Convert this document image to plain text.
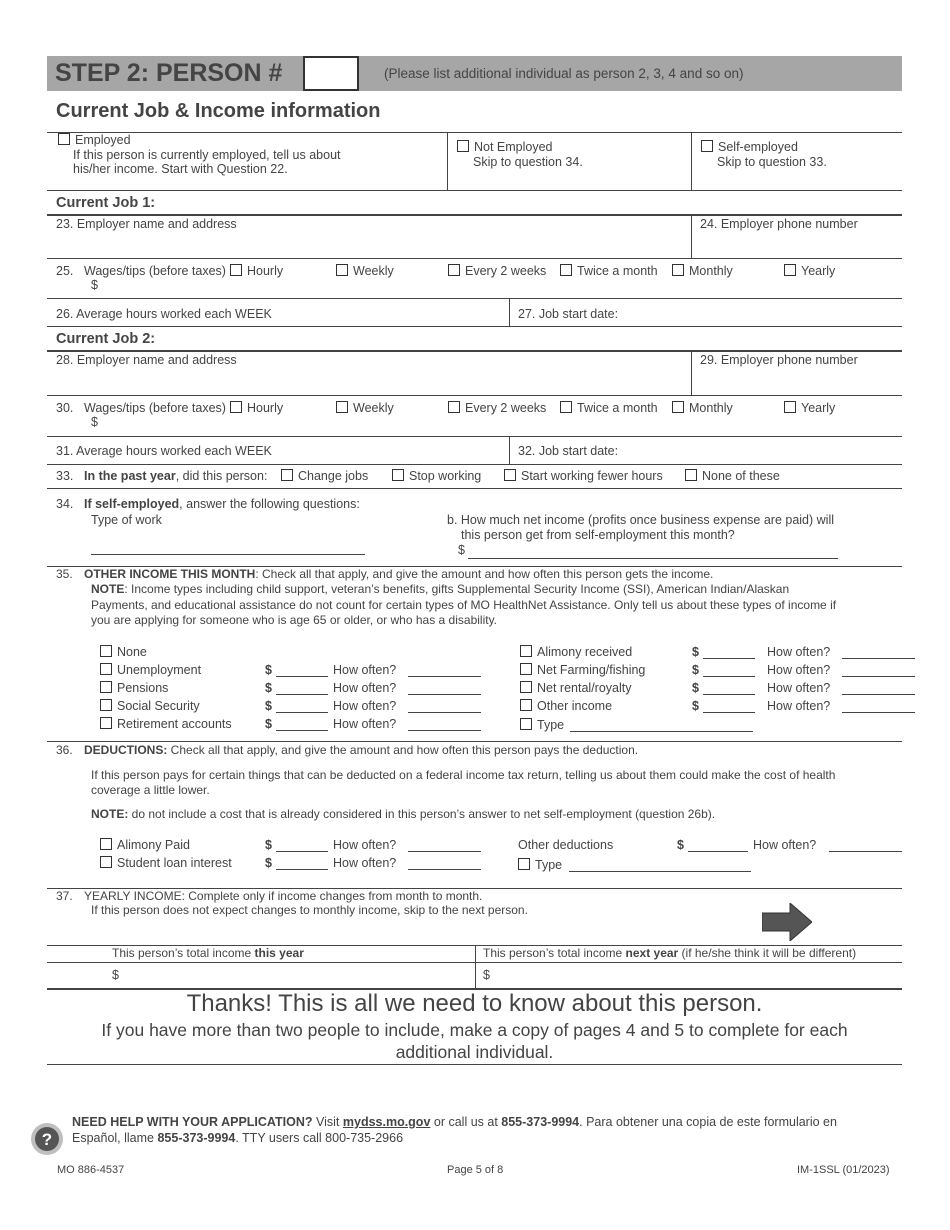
STEP 2: PERSON #	(Please list additional individual as person 2, 3, 4 and so on)
Current Job & Income information
Employed
If this person is currently employed, tell us about
his/her income. Start with Question 22.
Not Employed
Skip to question 34.
Self-employed
Skip to question 33.
Current Job 1:
23. Employer name and address	24. Employer phone number
25. Wages/tips (before taxes)
$
Hourly	Weekly	Every 2 weeks	Twice a month	Monthly	Yearly
26. Average hours worked each WEEK	27. Job start date:
Current Job 2:
28. Employer name and address	29. Employer phone number
30. Wages/tips (before taxes)
$
Hourly	Weekly	Every 2 weeks	Twice a month	Monthly	Yearly
31. Average hours worked each WEEK	32. Job start date:
33. In the past year, did this person:	Change jobs	Stop working	Start working fewer hours	None of these
34. If self-employed, answer the following questions:
Type of work	b. How much net income (profits once business expense are paid) will
this person get from self-employment this month?
$
35. OTHER INCOME THIS MONTH: Check all that apply, and give the amount and how often this person gets the income.
NOTE: Income types including child support, veteran’s benefits, gifts Supplemental Security Income (SSI), American Indian/Alaskan
Payments, and educational assistance do not count for certain types of MO HealthNet Assistance. Only tell us about these types of income if
you are applying for someone who is age 65 or older, or who has a disability.
None
Unemployment	$	How often?
Pensions	$	How often?
Social Security	$	How often?
Retirement accounts	$	How often?
Alimony received	$	How often?
Net Farming/fishing	$	How often?
Net rental/royalty	$	How often?
Other income	$	How often?
Type
36. DEDUCTIONS: Check all that apply, and give the amount and how often this person pays the deduction.
If this person pays for certain things that can be deducted on a federal income tax return, telling us about them could make the cost of health
coverage a little lower.
NOTE: do not include a cost that is already considered in this person’s answer to net self-employment (question 26b).
Alimony Paid	$	How often?
Student loan interest	$	How often?
Other deductions	$	How often?
Type
37. YEARLY INCOME: Complete only if income changes from month to month.
If this person does not expect changes to monthly income, skip to the next person.
This person’s total income this year	This person’s total income next year (if he/she think it will be different)
$	$
Thanks! This is all we need to know about this person.
If you have more than two people to include, make a copy of pages 4 and 5 to complete for each
additional individual.
?
NEED HELP WITH YOUR APPLICATION? Visit mydss.mo.gov or call us at 855-373-9994. Para obtener una copia de este formulario en
Español, llame 855-373-9994. TTY users call 800-735-2966
MO 886-4537	Page 5 of 8	IM-1SSL (01/2023)
